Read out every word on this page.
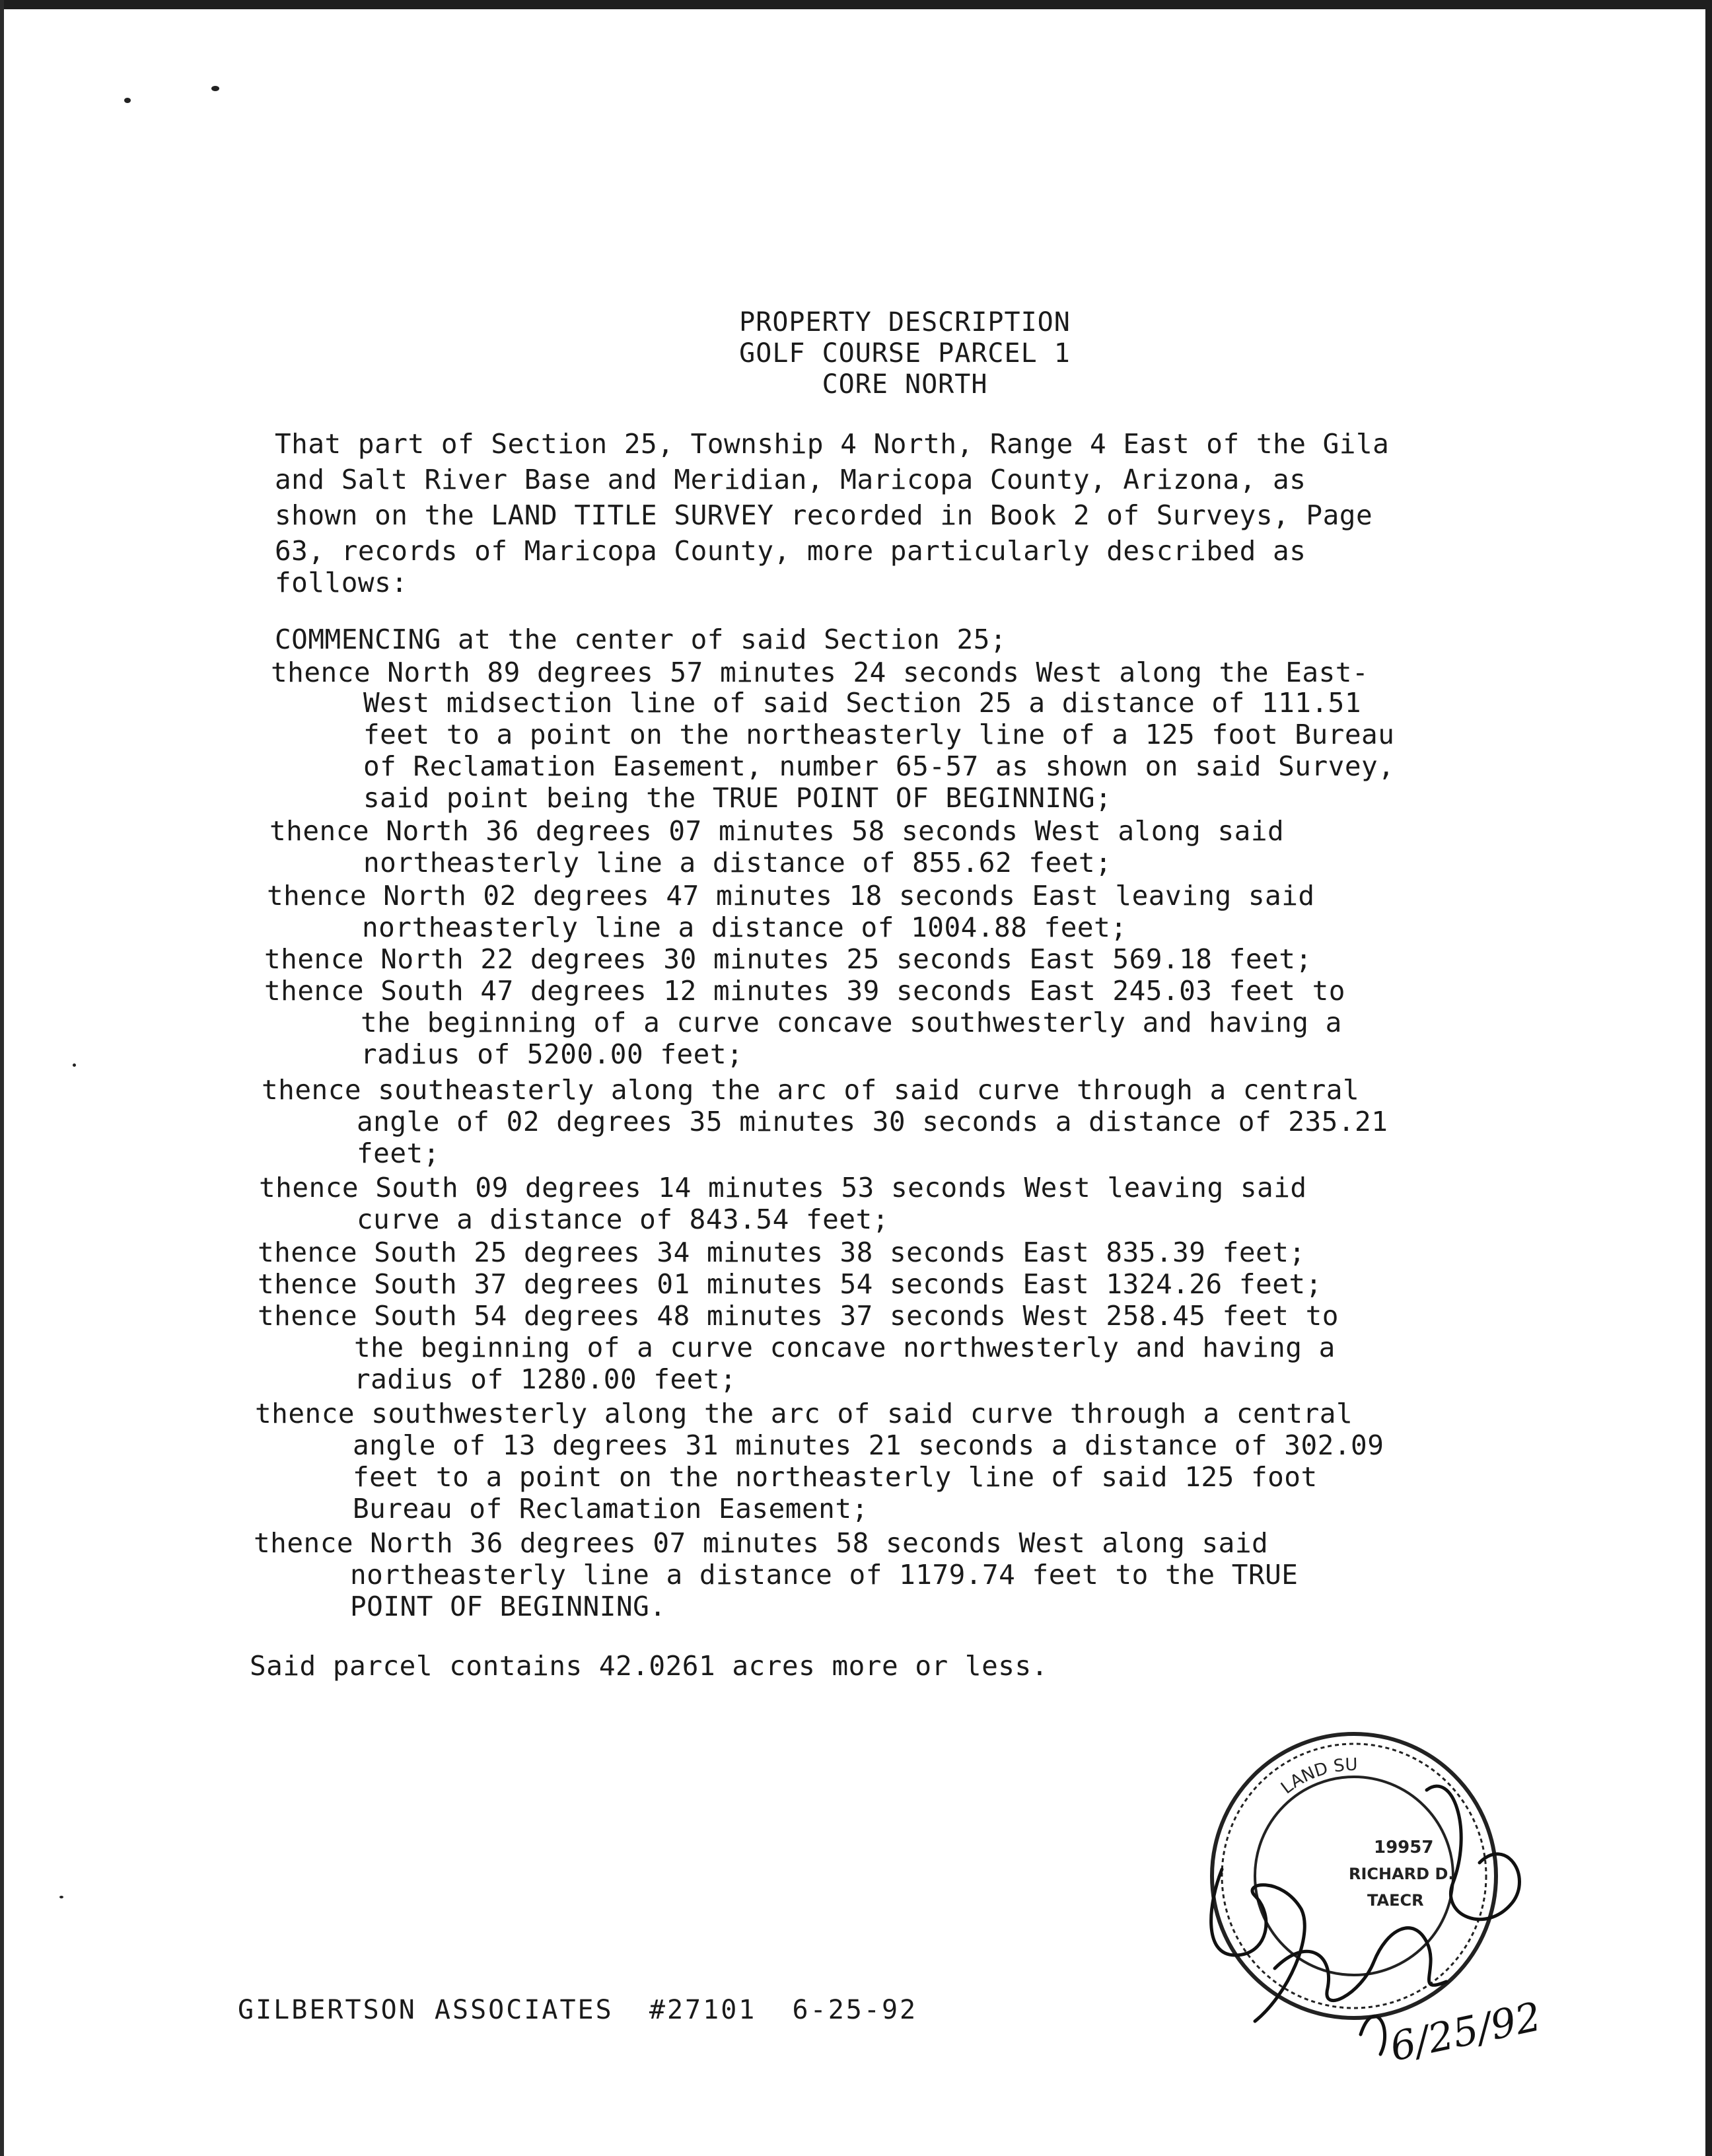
PROPERTY DESCRIPTION
GOLF COURSE PARCEL 1
CORE NORTH
That part of Section 25, Township 4 North, Range 4 East of the Gila
and Salt River Base and Meridian, Maricopa County, Arizona, as
shown on the LAND TITLE SURVEY recorded in Book 2 of Surveys, Page
63, records of Maricopa County, more particularly described as
follows:
COMMENCING at the center of said Section 25;
thence North 89 degrees 57 minutes 24 seconds West along the East-
West midsection line of said Section 25 a distance of 111.51
feet to a point on the northeasterly line of a 125 foot Bureau
of Reclamation Easement, number 65-57 as shown on said Survey,
said point being the TRUE POINT OF BEGINNING;
thence North 36 degrees 07 minutes 58 seconds West along said
northeasterly line a distance of 855.62 feet;
thence North 02 degrees 47 minutes 18 seconds East leaving said
northeasterly line a distance of 1004.88 feet;
thence North 22 degrees 30 minutes 25 seconds East 569.18 feet;
thence South 47 degrees 12 minutes 39 seconds East 245.03 feet to
the beginning of a curve concave southwesterly and having a
radius of 5200.00 feet;
thence southeasterly along the arc of said curve through a central
angle of 02 degrees 35 minutes 30 seconds a distance of 235.21
feet;
thence South 09 degrees 14 minutes 53 seconds West leaving said
curve a distance of 843.54 feet;
thence South 25 degrees 34 minutes 38 seconds East 835.39 feet;
thence South 37 degrees 01 minutes 54 seconds East 1324.26 feet;
thence South 54 degrees 48 minutes 37 seconds West 258.45 feet to
the beginning of a curve concave northwesterly and having a
radius of 1280.00 feet;
thence southwesterly along the arc of said curve through a central
angle of 13 degrees 31 minutes 21 seconds a distance of 302.09
feet to a point on the northeasterly line of said 125 foot
Bureau of Reclamation Easement;
thence North 36 degrees 07 minutes 58 seconds West along said
northeasterly line a distance of 1179.74 feet to the TRUE
POINT OF BEGINNING.
Said parcel contains 42.0261 acres more or less.
LAND SU
19957
RICHARD D.
TAECR
6/25/92
GILBERTSON ASSOCIATES  #27101  6-25-92
